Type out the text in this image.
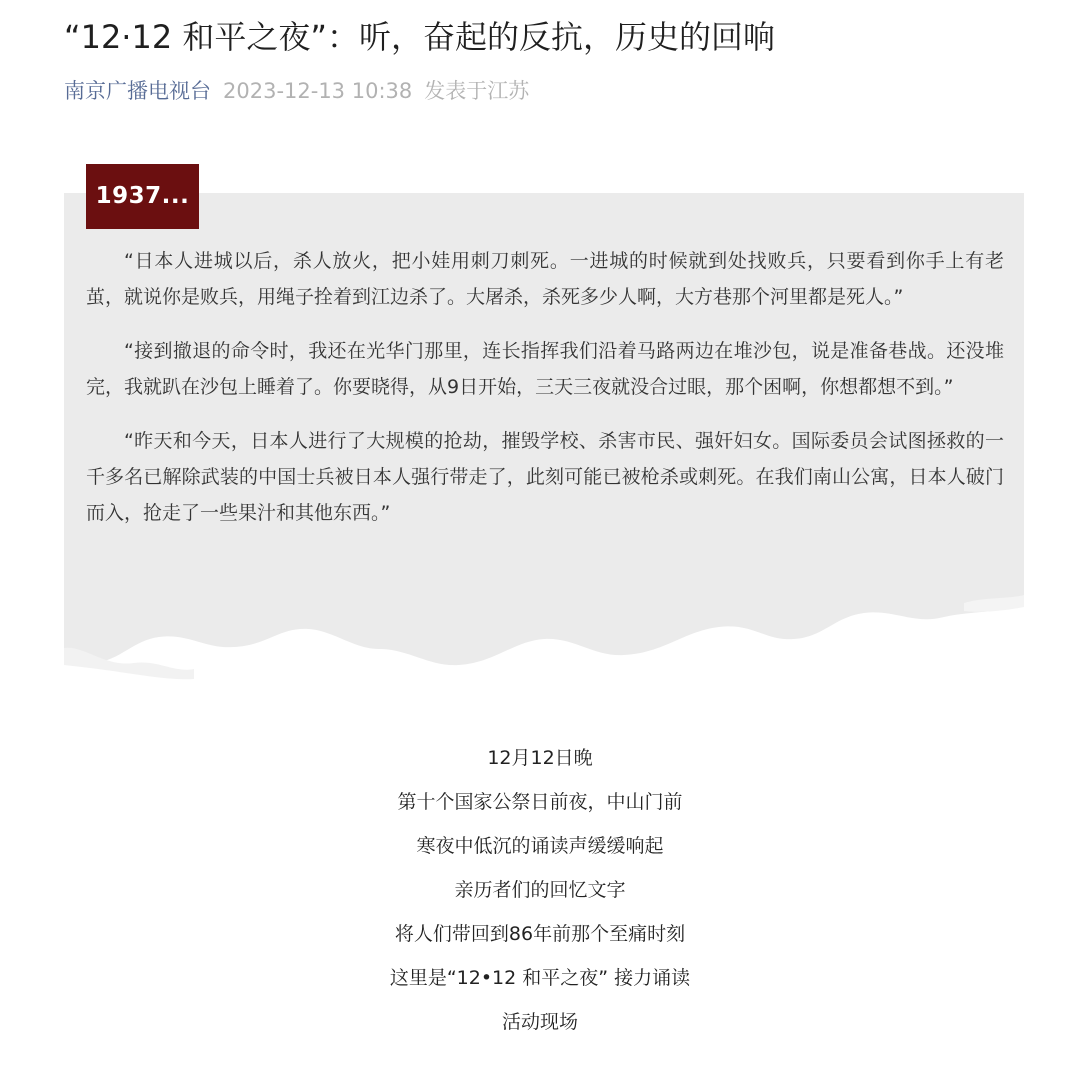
“12·12 和平之夜”：听，奋起的反抗，历史的回响
南京广播电视台 2023-12-13 10:38 发表于江苏
1937...

“日本人进城以后，杀人放火，把小娃用刺刀刺死。一进城的时候就到处找败兵，只要看到你手上有老茧，就说你是败兵，用绳子拴着到江边杀了。大屠杀，杀死多少人啊，大方巷那个河里都是死人。”

“接到撤退的命令时，我还在光华门那里，连长指挥我们沿着马路两边在堆沙包，说是准备巷战。还没堆完，我就趴在沙包上睡着了。你要晓得，从9日开始，三天三夜就没合过眼，那个困啊，你想都想不到。”

“昨天和今天，日本人进行了大规模的抢劫，摧毁学校、杀害市民、强奸妇女。国际委员会试图拯救的一千多名已解除武装的中国士兵被日本人强行带走了，此刻可能已被枪杀或刺死。在我们南山公寓，日本人破门而入，抢走了一些果汁和其他东西。”

12月12日晚
第十个国家公祭日前夜，中山门前
寒夜中低沉的诵读声缓缓响起
亲历者们的回忆文字
将人们带回到86年前那个至痛时刻
这里是“12•12 和平之夜” 接力诵读
活动现场
